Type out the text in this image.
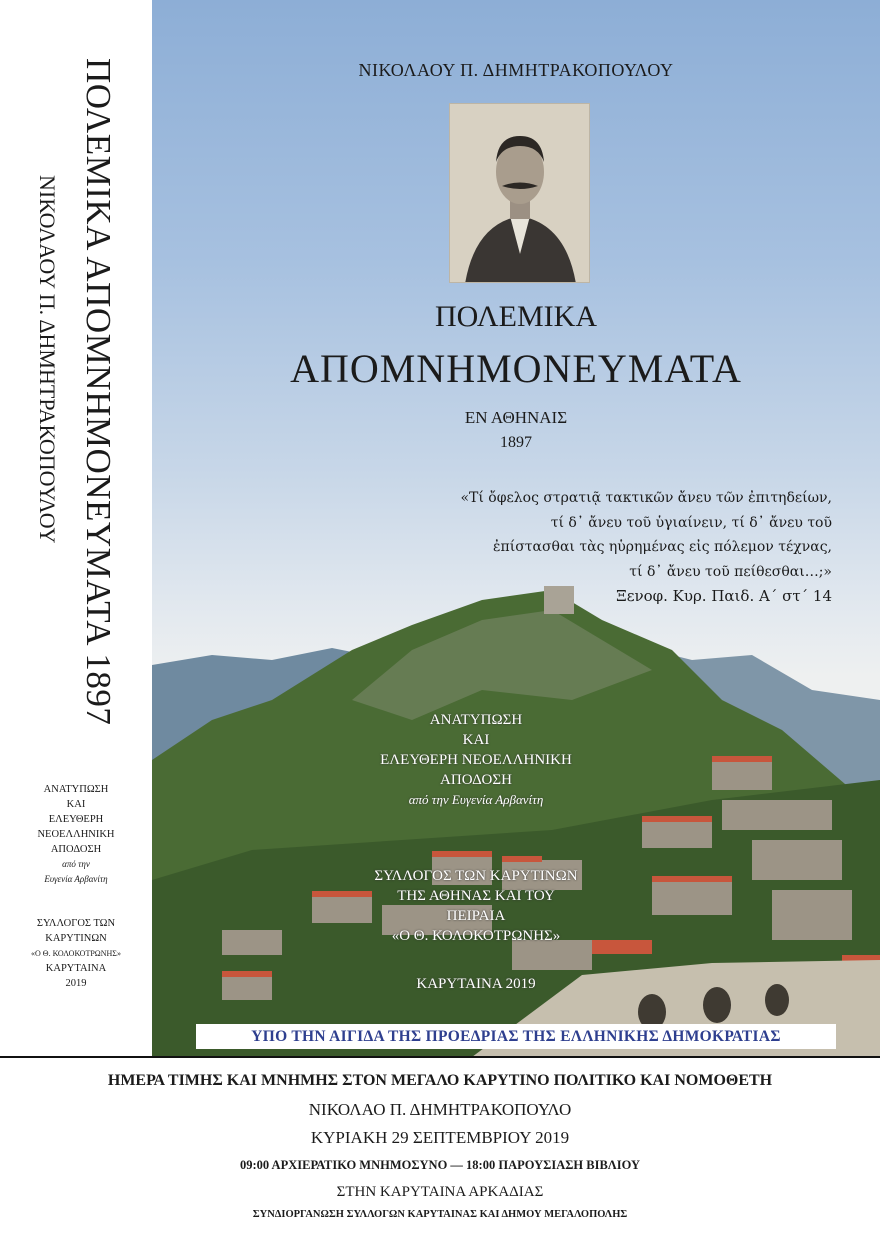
ΠΟΛΕΜΙΚΑ ΑΠΟΜΝΗΜΟΝΕΥΜΑΤΑ 1897
ΝΙΚΟΛΑΟΥ Π. ΔΗΜΗΤΡΑΚΟΠΟΥΛΟΥ
ΑΝΑΤΥΠΩΣΗ
ΚΑΙ
ΕΛΕΥΘΕΡΗ
ΝΕΟΕΛΛΗΝΙΚΗ
ΑΠΟΔΟΣΗ
από την
Ευγενία Αρβανίτη
ΣΥΛΛΟΓΟΣ ΤΩΝ
ΚΑΡΥΤΙΝΩΝ
«Ο Θ. ΚΟΛΟΚΟΤΡΩΝΗΣ»
ΚΑΡΥΤΑΙΝΑ
2019
ΝΙΚΟΛΑΟΥ Π. ΔΗΜΗΤΡΑΚΟΠΟΥΛΟΥ
ΠΟΛΕΜΙΚΑ
ΑΠΟΜΝΗΜΟΝΕΥΜΑΤΑ
ΕΝ ΑΘΗΝΑΙΣ
1897
«Τί ὄφελος στρατιᾷ τακτικῶν ἄνευ τῶν ἐπιτηδείων,
τί δ᾽ ἄνευ τοῦ ὑγιαίνειν, τί δ᾽ ἄνευ τοῦ
ἐπίστασθαι τὰς ηὑρημένας εἰς πόλεμον τέχνας,
τί δ᾽ ἄνευ τοῦ πείθεσθαι…;»
Ξενοφ. Κυρ. Παιδ. Α΄ στ΄ 14
ΑΝΑΤΥΠΩΣΗ
ΚΑΙ
ΕΛΕΥΘΕΡΗ ΝΕΟΕΛΛΗΝΙΚΗ
ΑΠΟΔΟΣΗ
από την Ευγενία Αρβανίτη
ΣΥΛΛΟΓΟΣ ΤΩΝ ΚΑΡΥΤΙΝΩΝ
ΤΗΣ ΑΘΗΝΑΣ ΚΑΙ ΤΟΥ
ΠΕΙΡΑΙΑ
«Ο Θ. ΚΟΛΟΚΟΤΡΩΝΗΣ»
ΚΑΡΥΤΑΙΝΑ 2019
ΥΠΟ ΤΗΝ ΑΙΓΙΔΑ ΤΗΣ ΠΡΟΕΔΡΙΑΣ ΤΗΣ ΕΛΛΗΝΙΚΗΣ ΔΗΜΟΚΡΑΤΙΑΣ
ΗΜΕΡΑ ΤΙΜΗΣ ΚΑΙ ΜΝΗΜΗΣ ΣΤΟΝ ΜΕΓΑΛΟ ΚΑΡΥΤΙΝΟ ΠΟΛΙΤΙΚΟ ΚΑΙ ΝΟΜΟΘΕΤΗ
ΝΙΚΟΛΑΟ Π. ΔΗΜΗΤΡΑΚΟΠΟΥΛΟ
ΚΥΡΙΑΚΗ 29 ΣΕΠΤΕΜΒΡΙΟΥ 2019
09:00 ΑΡΧΙΕΡΑΤΙΚΟ ΜΝΗΜΟΣΥΝΟ — 18:00 ΠΑΡΟΥΣΙΑΣΗ ΒΙΒΛΙΟΥ
ΣΤΗΝ ΚΑΡΥΤΑΙΝΑ ΑΡΚΑΔΙΑΣ
ΣΥΝΔΙΟΡΓΑΝΩΣΗ ΣΥΛΛΟΓΩΝ ΚΑΡΥΤΑΙΝΑΣ ΚΑΙ ΔΗΜΟΥ ΜΕΓΑΛΟΠΟΛΗΣ
